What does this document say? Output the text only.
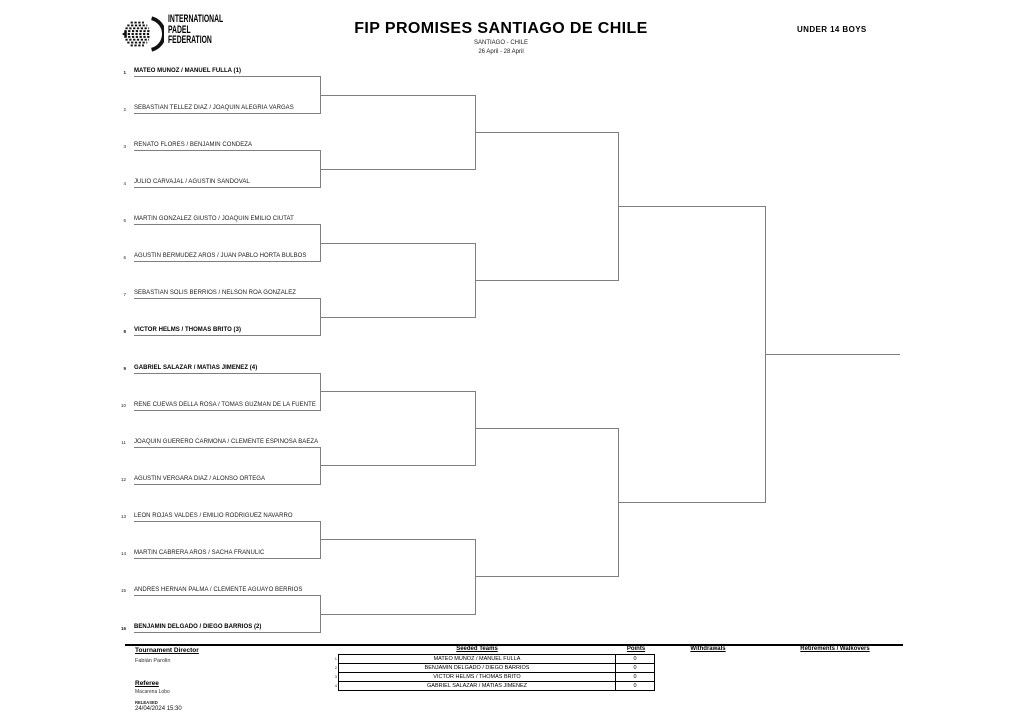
INTERNATIONAL
PADEL
FEDERATION
FIP PROMISES SANTIAGO DE CHILE
SANTIAGO - CHILE
26 April - 28 April
UNDER 14 BOYS
1 MATEO MUNOZ / MANUEL FULLA (1)
2 SEBASTIAN TELLEZ DIAZ / JOAQUIN ALEGRIA VARGAS
3 RENATO FLORES / BENJAMIN CONDEZA
4 JULIO CARVAJAL / AGUSTIN SANDOVAL
5 MARTIN GONZALEZ GIUSTO / JOAQUIN EMILIO CIUTAT
6 AGUSTIN BERMUDEZ AROS / JUAN PABLO HORTA BULBOS
7 SEBASTIAN SOLIS BERRIOS / NELSON ROA GONZALEZ
8 VICTOR HELMS / THOMAS BRITO (3)
9 GABRIEL SALAZAR / MATIAS JIMENEZ (4)
10 RENE CUEVAS DELLA ROSA / TOMAS GUZMAN DE LA FUENTE
11 JOAQUIN GUERERO CARMONA / CLEMENTE ESPINOSA BAEZA
12 AGUSTIN VERGARA DIAZ / ALONSO ORTEGA
13 LEON ROJAS VALDES / EMILIO RODRIGUEZ NAVARRO
14 MARTIN CABRERA AROS / SACHA FRANULIC
15 ANDRES HERNAN PALMA / CLEMENTE AGUAYO BERRIOS
16 BENJAMIN DELGADO / DIEGO BARRIOS (2)
Tournament Director
Fabián Parolin
Referee
Macarena Lobo
RELEASED
24/04/2024 15:30
Seeded Teams	Points	Withdrawals	Retirements / Walkovers
1	MATEO MUNOZ / MANUEL FULLA	0
2	BENJAMIN DELGADO / DIEGO BARRIOS	0
3	VICTOR HELMS / THOMAS BRITO	0
4	GABRIEL SALAZAR / MATIAS JIMENEZ	0
